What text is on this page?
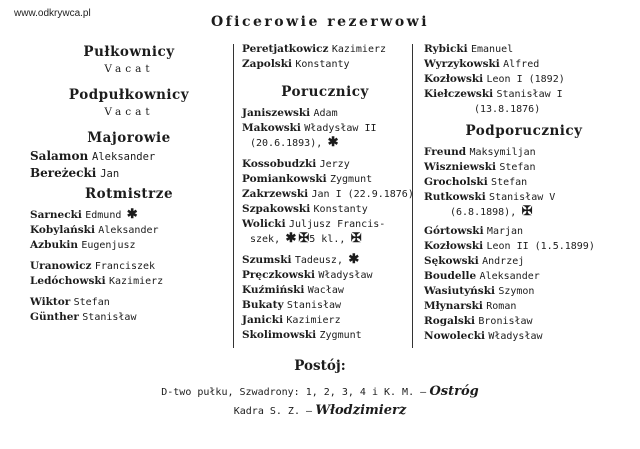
www.odkrywca.pl
Oficerowie rezerwowi
Pułkownicy
Vacat
Podpułkownicy
Vacat
Majorowie
Salamon Aleksander
Bereżecki Jan
Rotmistrze
Sarnecki Edmund ✱
Kobylański Aleksander
Azbukin Eugenjusz
Uranowicz Franciszek
Ledóchowski Kazimierz
Wiktor Stefan
Günther Stanisław
Peretjatkowicz Kazimierz
Zapolski Konstanty
Porucznicy
Janiszewski Adam
Makowski Władysław II
(20.6.1893), ✱
Kossobudzki Jerzy
Pomiankowski Zygmunt
Zakrzewski Jan I (22.9.1876)
Szpakowski Konstanty
Wolicki Juljusz Francis-
szek, ✱ ✠5 kl., ✠
Szumski Tadeusz, ✱
Pręczkowski Władysław
Kuźmiński Wacław
Bukaty Stanisław
Janicki Kazimierz
Skolimowski Zygmunt
Rybicki Emanuel
Wyrzykowski Alfred
Kozłowski Leon I (1892)
Kiełczewski Stanisław I
(13.8.1876)
Podporucznicy
Freund Maksymiljan
Wiszniewski Stefan
Grocholski Stefan
Rutkowski Stanisław V
(6.8.1898), ✠
Górtowski Marjan
Kozłowski Leon II (1.5.1899)
Sękowski Andrzej
Boudelle Aleksander
Wasiutyński Szymon
Młynarski Roman
Rogalski Bronisław
Nowolecki Władysław
Postój:
D-two pułku, Szwadrony: 1, 2, 3, 4 i K. M. — Ostróg
Kadra S. Z. — Włodzimierz
